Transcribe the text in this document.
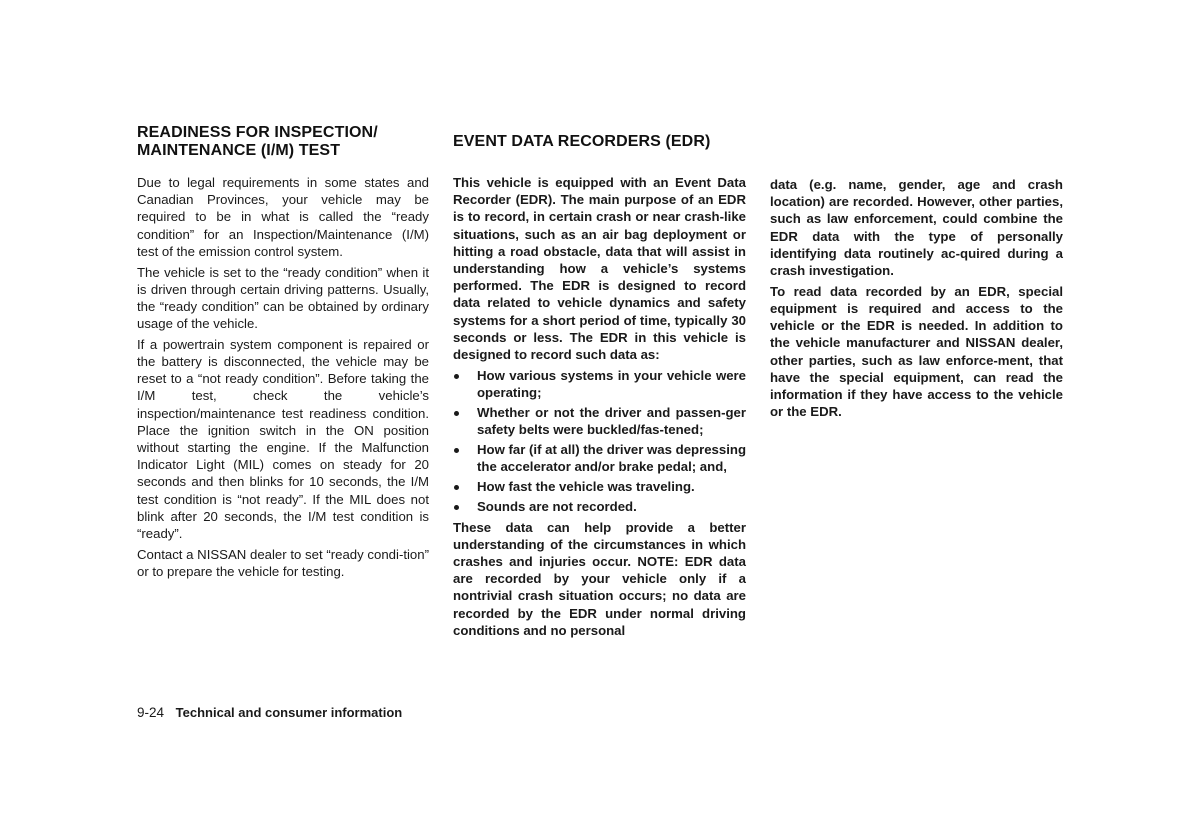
READINESS FOR INSPECTION/
MAINTENANCE (I/M) TEST

Due to legal requirements in some states and Canadian Provinces, your vehicle may be required to be in what is called the “ready condition” for an Inspection/Maintenance (I/M) test of the emission control system.

The vehicle is set to the “ready condition” when it is driven through certain driving patterns. Usually, the “ready condition” can be obtained by ordinary usage of the vehicle.

If a powertrain system component is repaired or the battery is disconnected, the vehicle may be reset to a “not ready condition”. Before taking the I/M test, check the vehicle’s inspection/maintenance test readiness condition. Place the ignition switch in the ON position without starting the engine. If the Malfunction Indicator Light (MIL) comes on steady for 20 seconds and then blinks for 10 seconds, the I/M test condition is “not ready”. If the MIL does not blink after 20 seconds, the I/M test condition is “ready”.

Contact a NISSAN dealer to set “ready condi-tion” or to prepare the vehicle for testing.

EVENT DATA RECORDERS (EDR)

This vehicle is equipped with an Event Data Recorder (EDR). The main purpose of an EDR is to record, in certain crash or near crash-like situations, such as an air bag deployment or hitting a road obstacle, data that will assist in understanding how a vehicle’s systems performed. The EDR is designed to record data related to vehicle dynamics and safety systems for a short period of time, typically 30 seconds or less. The EDR in this vehicle is designed to record such data as:

How various systems in your vehicle were operating;
Whether or not the driver and passen-ger safety belts were buckled/fas-tened;
How far (if at all) the driver was depressing the accelerator and/or brake pedal; and,
How fast the vehicle was traveling.
Sounds are not recorded.

These data can help provide a better understanding of the circumstances in which crashes and injuries occur. NOTE: EDR data are recorded by your vehicle only if a nontrivial crash situation occurs; no data are recorded by the EDR under normal driving conditions and no personal

data (e.g. name, gender, age and crash location) are recorded. However, other parties, such as law enforcement, could combine the EDR data with the type of personally identifying data routinely ac-quired during a crash investigation.

To read data recorded by an EDR, special equipment is required and access to the vehicle or the EDR is needed. In addition to the vehicle manufacturer and NISSAN dealer, other parties, such as law enforce-ment, that have the special equipment, can read the information if they have access to the vehicle or the EDR.

9-24 Technical and consumer information
